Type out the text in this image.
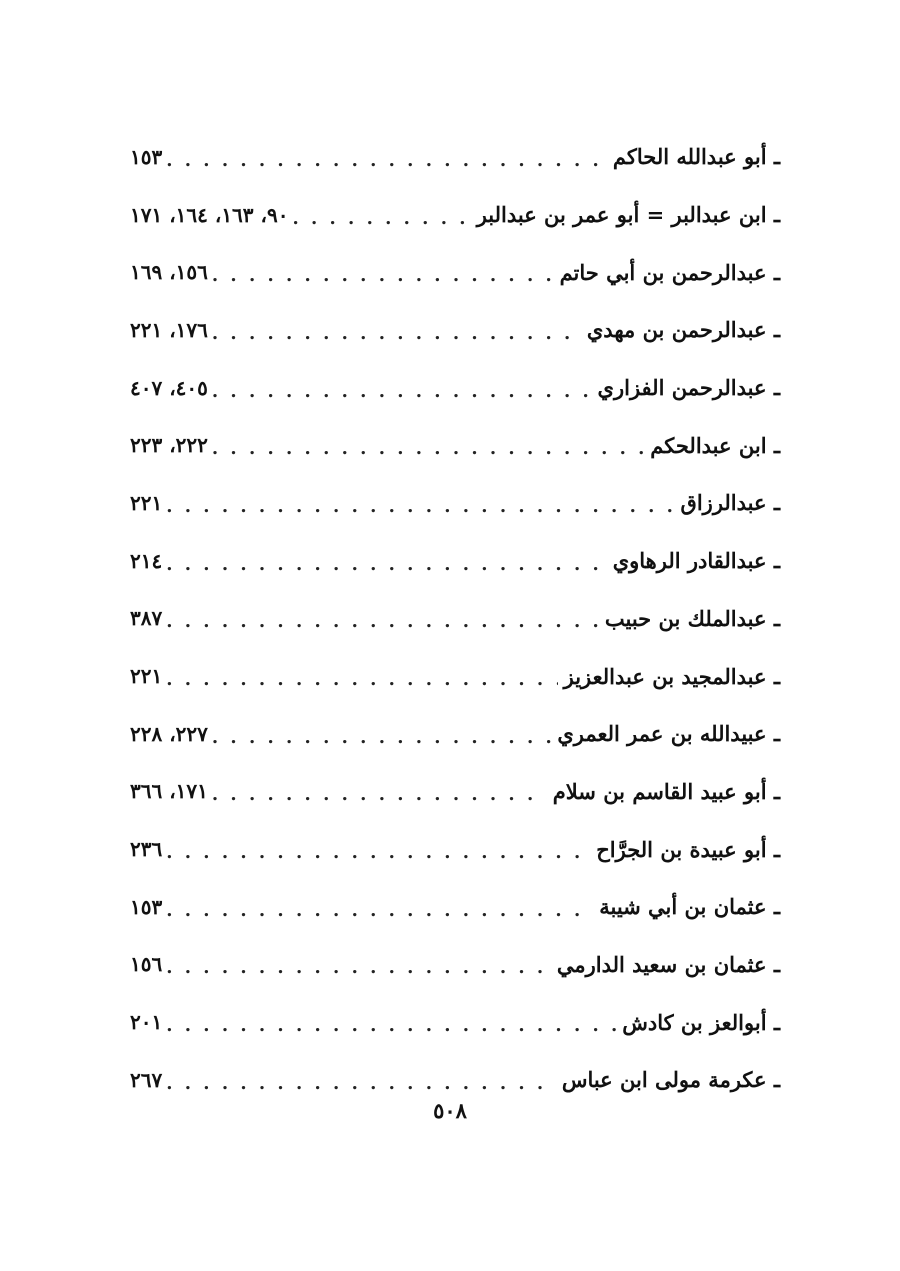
ـ أبو عبدالله الحاكم
. . .
١٥٣
ـ ابن عبدالبر = أبو عمر بن عبدالبر
. . .
٩٠، ١٦٣، ١٦٤، ١٧١
ـ عبدالرحمن بن أبي حاتم
. . .
١٥٦، ١٦٩
ـ عبدالرحمن بن مهدي
. . .
١٧٦، ٢٢١
ـ عبدالرحمن الفزاري
. . .
٤٠٥، ٤٠٧
ـ ابن عبدالحكم
. . .
٢٢٢، ٢٢٣
ـ عبدالرزاق
. . .
٢٢١
ـ عبدالقادر الرهاوي
. . .
٢١٤
ـ عبدالملك بن حبيب
. . .
٣٨٧
ـ عبدالمجيد بن عبدالعزيز
. . .
٢٢١
ـ عبيدالله بن عمر العمري
. . .
٢٢٧، ٢٢٨
ـ أبو عبيد القاسم بن سلام
. . .
١٧١، ٣٦٦
ـ أبو عبيدة بن الجرَّاح
. . .
٢٣٦
ـ عثمان بن أبي شيبة
. . .
١٥٣
ـ عثمان بن سعيد الدارمي
. . .
١٥٦
ـ أبوالعز بن كادش
. . .
٢٠١
ـ عكرمة مولى ابن عباس
. . .
٢٦٧
٥٠٨
